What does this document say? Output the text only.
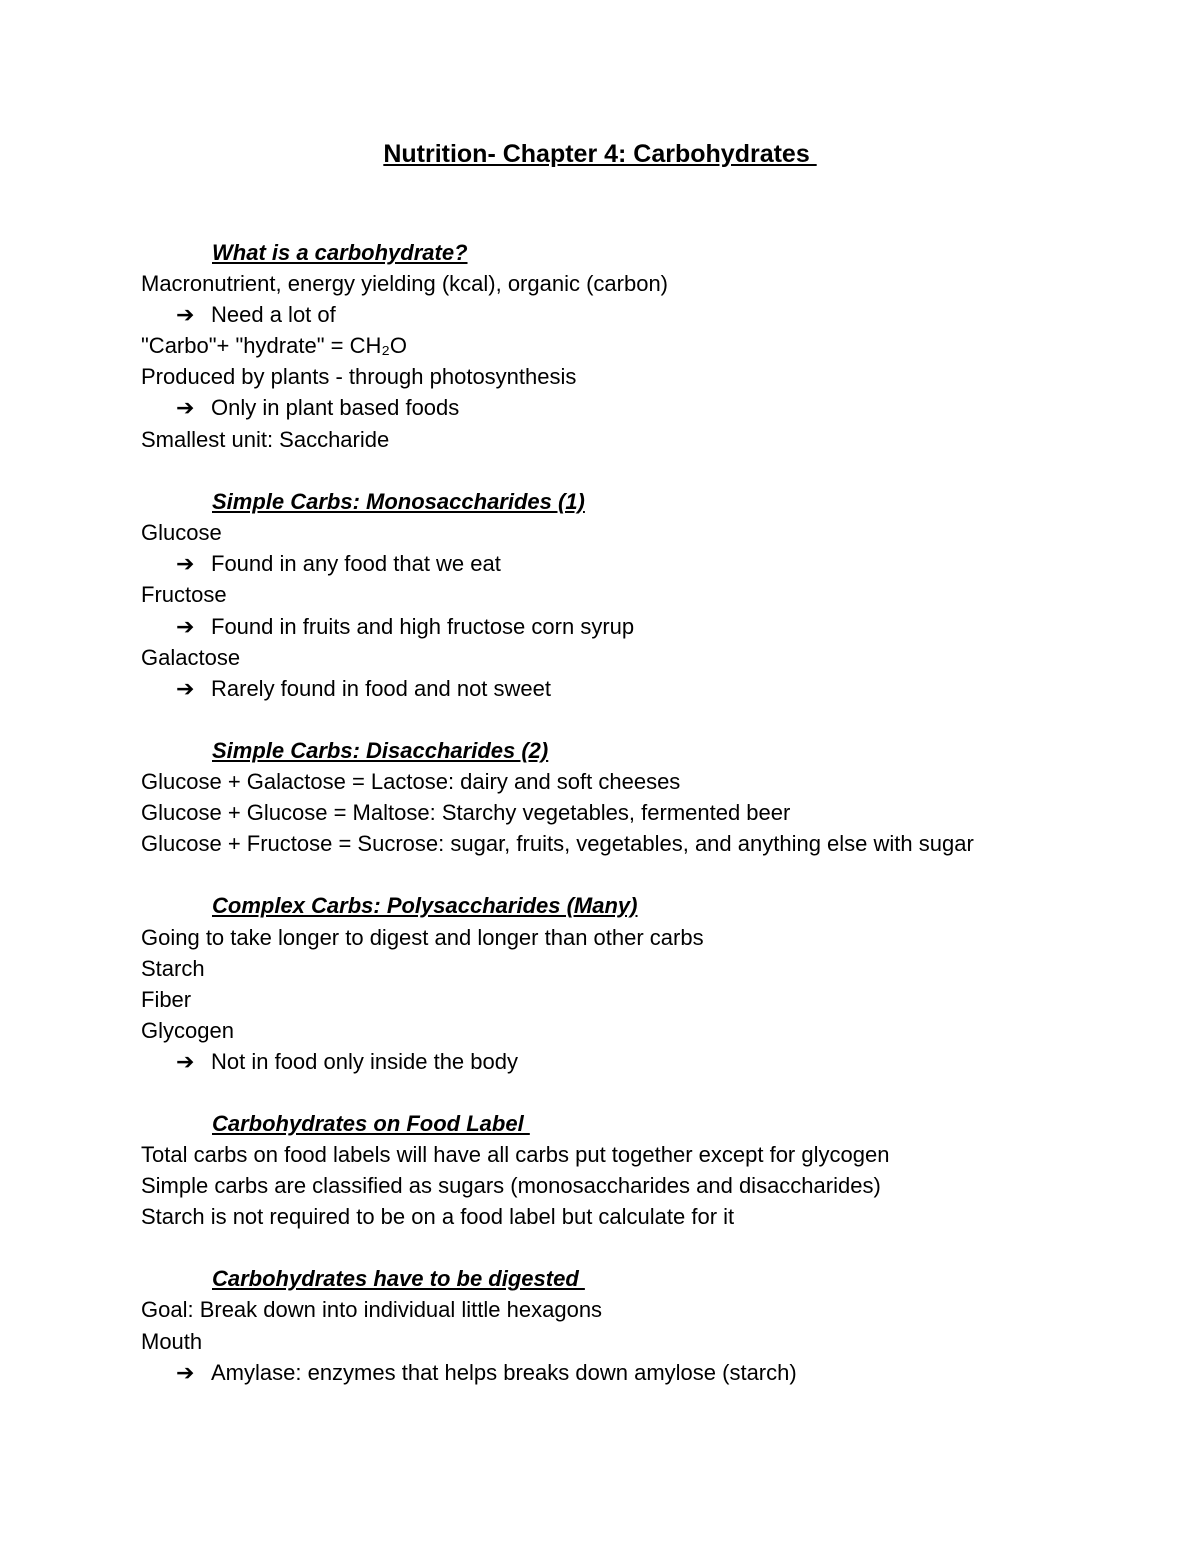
Nutrition- Chapter 4: Carbohydrates
What is a carbohydrate?
Macronutrient, energy yielding (kcal), organic (carbon)
➔ Need a lot of
"Carbo"+ "hydrate" = CH₂O
Produced by plants - through photosynthesis
➔ Only in plant based foods
Smallest unit: Saccharide
Simple Carbs: Monosaccharides (1)
Glucose
➔ Found in any food that we eat
Fructose
➔ Found in fruits and high fructose corn syrup
Galactose
➔ Rarely found in food and not sweet
Simple Carbs: Disaccharides (2)
Glucose + Galactose = Lactose: dairy and soft cheeses
Glucose + Glucose = Maltose: Starchy vegetables, fermented beer
Glucose + Fructose = Sucrose: sugar, fruits, vegetables, and anything else with sugar
Complex Carbs: Polysaccharides (Many)
Going to take longer to digest and longer than other carbs
Starch
Fiber
Glycogen
➔ Not in food only inside the body
Carbohydrates on Food Label
Total carbs on food labels will have all carbs put together except for glycogen
Simple carbs are classified as sugars (monosaccharides and disaccharides)
Starch is not required to be on a food label but calculate for it
Carbohydrates have to be digested
Goal: Break down into individual little hexagons
Mouth
➔ Amylase: enzymes that helps breaks down amylose (starch)
